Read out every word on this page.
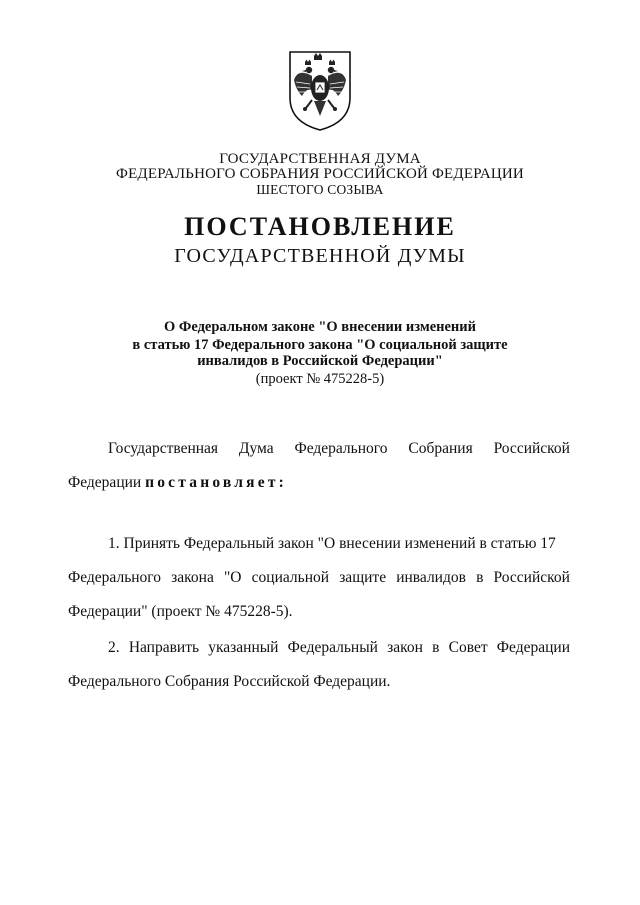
ГОСУДАРСТВЕННАЯ ДУМА
ФЕДЕРАЛЬНОГО СОБРАНИЯ РОССИЙСКОЙ ФЕДЕРАЦИИ
ШЕСТОГО СОЗЫВА
ПОСТАНОВЛЕНИЕ
ГОСУДАРСТВЕННОЙ ДУМЫ
О Федеральном законе "О внесении изменений
в статью 17 Федерального закона "О социальной защите
инвалидов в Российской Федерации"
(проект № 475228-5)
Государственная Дума Федерального Собрания Российской
Федерации постановляет:
1. Принять Федеральный закон "О внесении изменений в статью 17
Федерального закона "О социальной защите инвалидов в Российской
Федерации" (проект № 475228-5).
2. Направить указанный Федеральный закон в Совет Федерации
Федерального Собрания Российской Федерации.
